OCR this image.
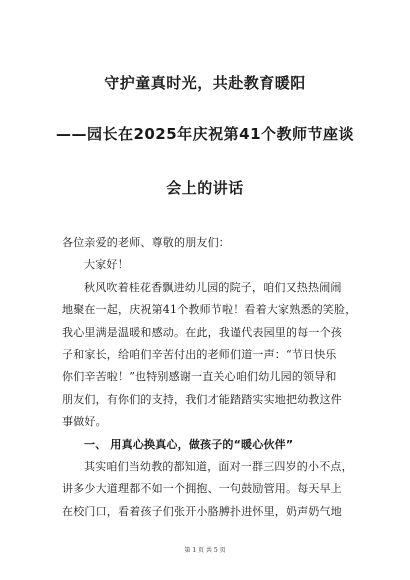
守护童真时光，共赴教育暖阳
——园长在2025年庆祝第41个教师节座谈
会上的讲话
各位亲爱的老师、尊敬的朋友们：
大家好！
秋风吹着桂花香飘进幼儿园的院子，咱们又热热闹闹
地聚在一起，庆祝第41个教师节啦！看着大家熟悉的笑脸，
我心里满是温暖和感动。在此，我谨代表园里的每一个孩
子和家长，给咱们辛苦付出的老师们道一声：“节日快乐
你们辛苦啦！”也特别感谢一直关心咱们幼儿园的领导和
朋友们，有你们的支持，我们才能踏踏实实地把幼教这件
事做好。
一、 用真心换真心，做孩子的“暖心伙伴”
其实咱们当幼教的都知道，面对一群三四岁的小不点，
讲多少大道理都不如一个拥抱、一句鼓励管用。每天早上
在校门口，看着孩子们张开小胳膊扑进怀里，奶声奶气地
第 1 页 共 5 页
